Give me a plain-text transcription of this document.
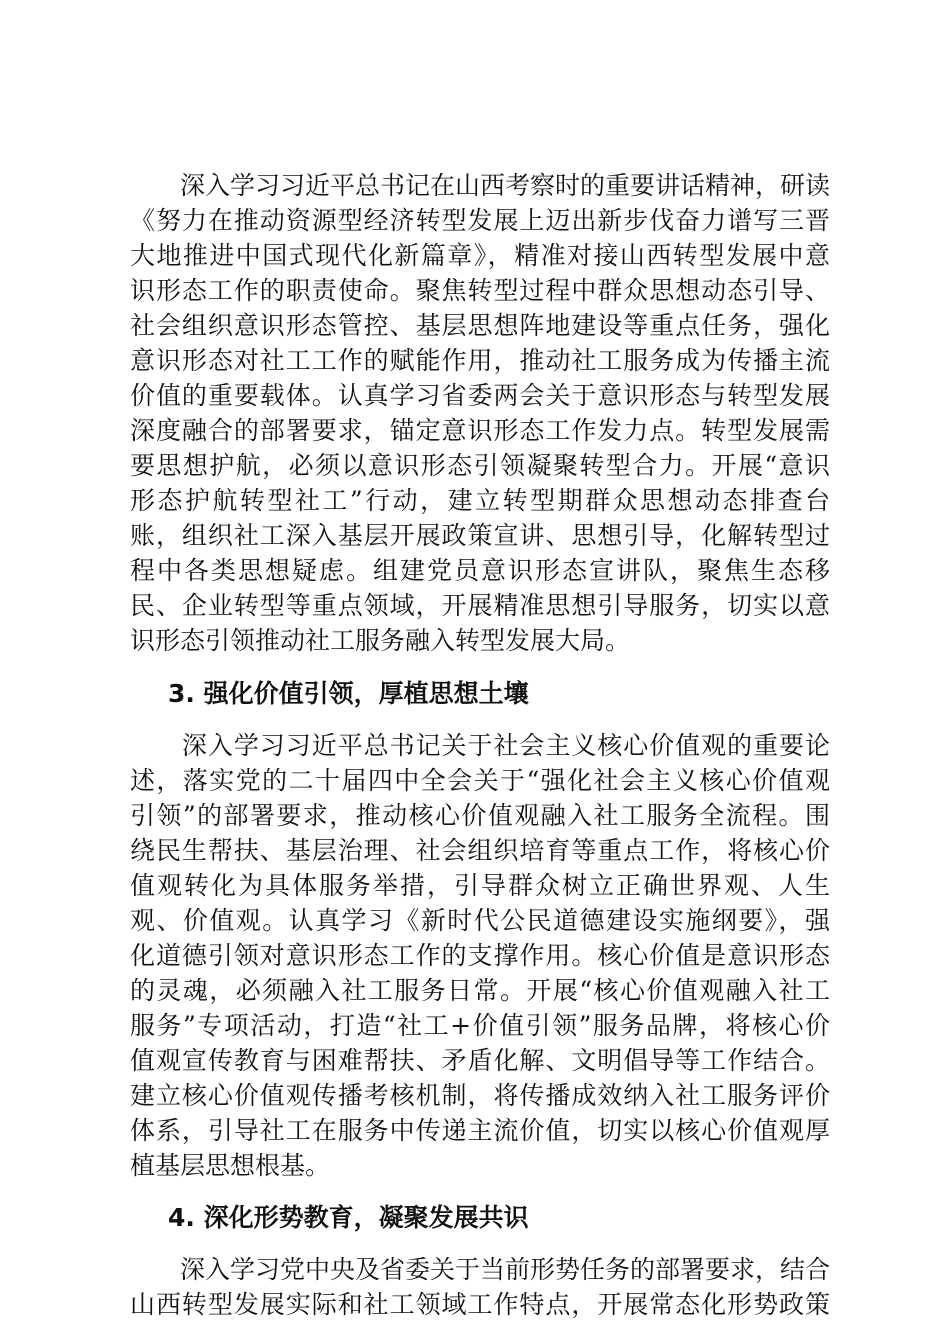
　　深入学习习近平总书记在山西考察时的重要讲话精神，研读
《努力在推动资源型经济转型发展上迈出新步伐奋力谱写三晋
大地推进中国式现代化新篇章》，精准对接山西转型发展中意
识形态工作的职责使命。聚焦转型过程中群众思想动态引导、
社会组织意识形态管控、基层思想阵地建设等重点任务，强化
意识形态对社工工作的赋能作用，推动社工服务成为传播主流
价值的重要载体。认真学习省委两会关于意识形态与转型发展
深度融合的部署要求，锚定意识形态工作发力点。转型发展需
要思想护航，必须以意识形态引领凝聚转型合力。开展“意识
形态护航转型社工”行动，建立转型期群众思想动态排查台
账，组织社工深入基层开展政策宣讲、思想引导，化解转型过
程中各类思想疑虑。组建党员意识形态宣讲队，聚焦生态移
民、企业转型等重点领域，开展精准思想引导服务，切实以意
识形态引领推动社工服务融入转型发展大局。
3. 强化价值引领，厚植思想土壤
　　深入学习习近平总书记关于社会主义核心价值观的重要论
述，落实党的二十届四中全会关于“强化社会主义核心价值观
引领”的部署要求，推动核心价值观融入社工服务全流程。围
绕民生帮扶、基层治理、社会组织培育等重点工作，将核心价
值观转化为具体服务举措，引导群众树立正确世界观、人生
观、价值观。认真学习《新时代公民道德建设实施纲要》，强
化道德引领对意识形态工作的支撑作用。核心价值是意识形态
的灵魂，必须融入社工服务日常。开展“核心价值观融入社工
服务”专项活动，打造“社工+价值引领”服务品牌，将核心价
值观宣传教育与困难帮扶、矛盾化解、文明倡导等工作结合。
建立核心价值观传播考核机制，将传播成效纳入社工服务评价
体系，引导社工在服务中传递主流价值，切实以核心价值观厚
植基层思想根基。
4. 深化形势教育，凝聚发展共识
　　深入学习党中央及省委关于当前形势任务的部署要求，结合
山西转型发展实际和社工领域工作特点，开展常态化形势政策
